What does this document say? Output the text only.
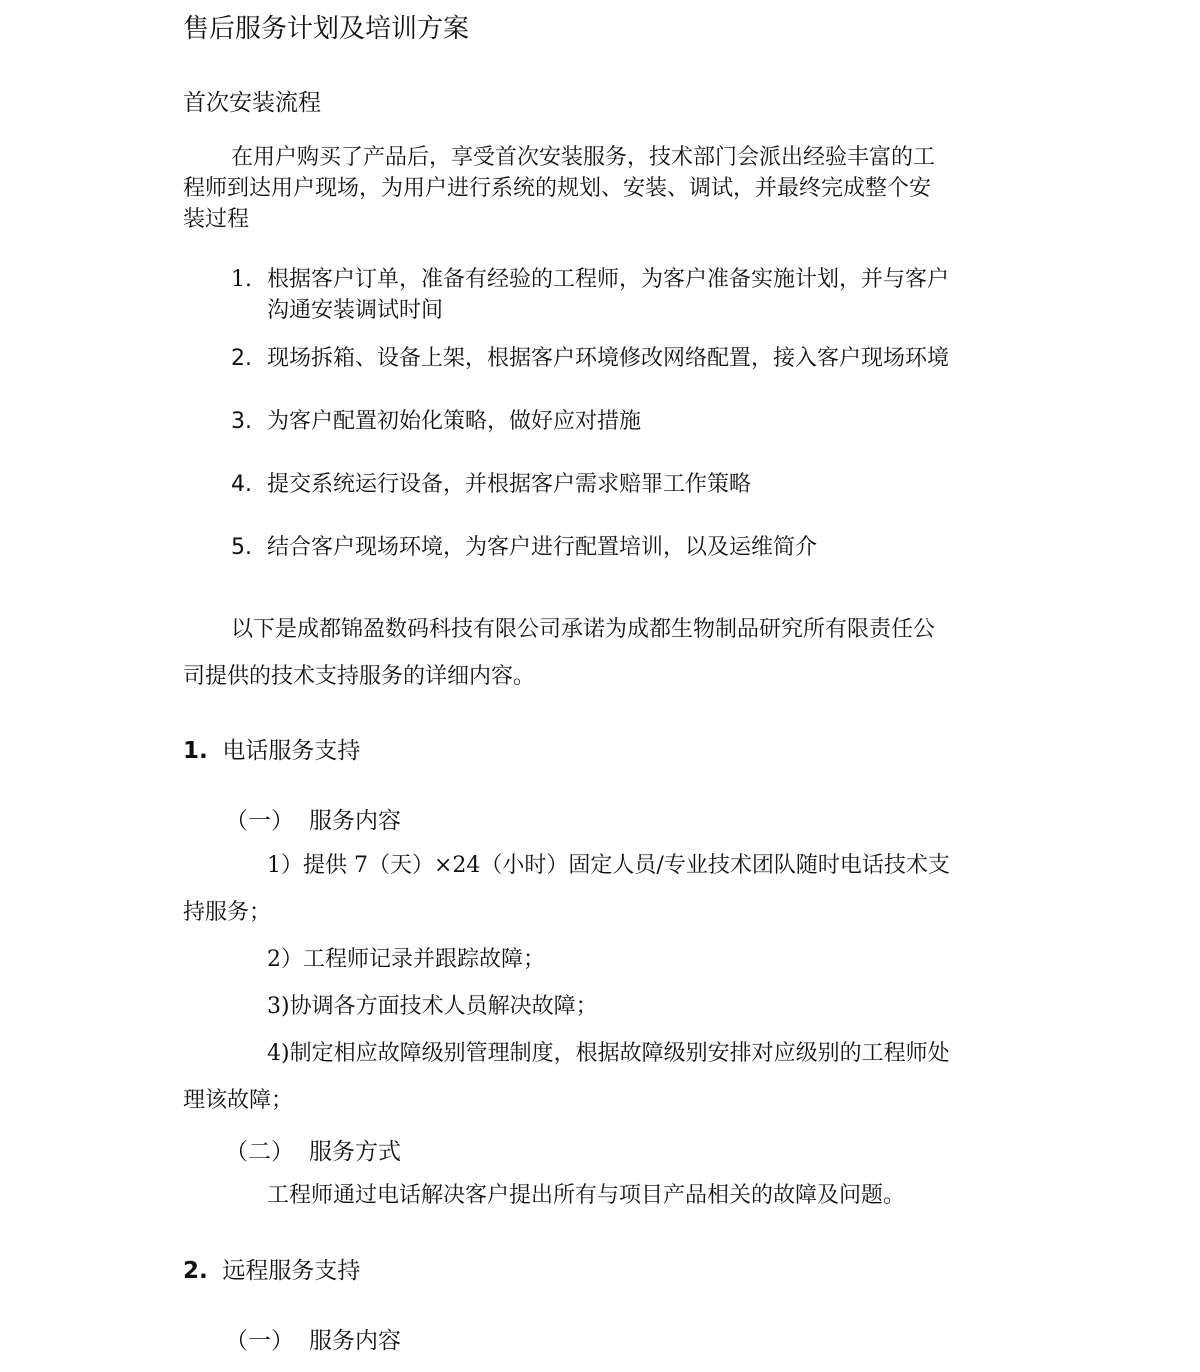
售后服务计划及培训方案
首次安装流程
在用户购买了产品后，享受首次安装服务，技术部门会派出经验丰富的工
程师到达用户现场，为用户进行系统的规划、安装、调试，并最终完成整个安
装过程
1. 根据客户订单，准备有经验的工程师，为客户准备实施计划，并与客户
沟通安装调试时间
2. 现场拆箱、设备上架，根据客户环境修改网络配置，接入客户现场环境
3. 为客户配置初始化策略，做好应对措施
4. 提交系统运行设备，并根据客户需求赔罪工作策略
5. 结合客户现场环境，为客户进行配置培训，以及运维简介
以下是成都锦盈数码科技有限公司承诺为成都生物制品研究所有限责任公
司提供的技术支持服务的详细内容。
1. 电话服务支持
（一） 服务内容
1）提供 7（天）×24（小时）固定人员/专业技术团队随时电话技术支
持服务；
2）工程师记录并跟踪故障；
3)协调各方面技术人员解决故障；
4)制定相应故障级别管理制度，根据故障级别安排对应级别的工程师处
理该故障；
（二） 服务方式
工程师通过电话解决客户提出所有与项目产品相关的故障及问题。
2. 远程服务支持
（一） 服务内容
